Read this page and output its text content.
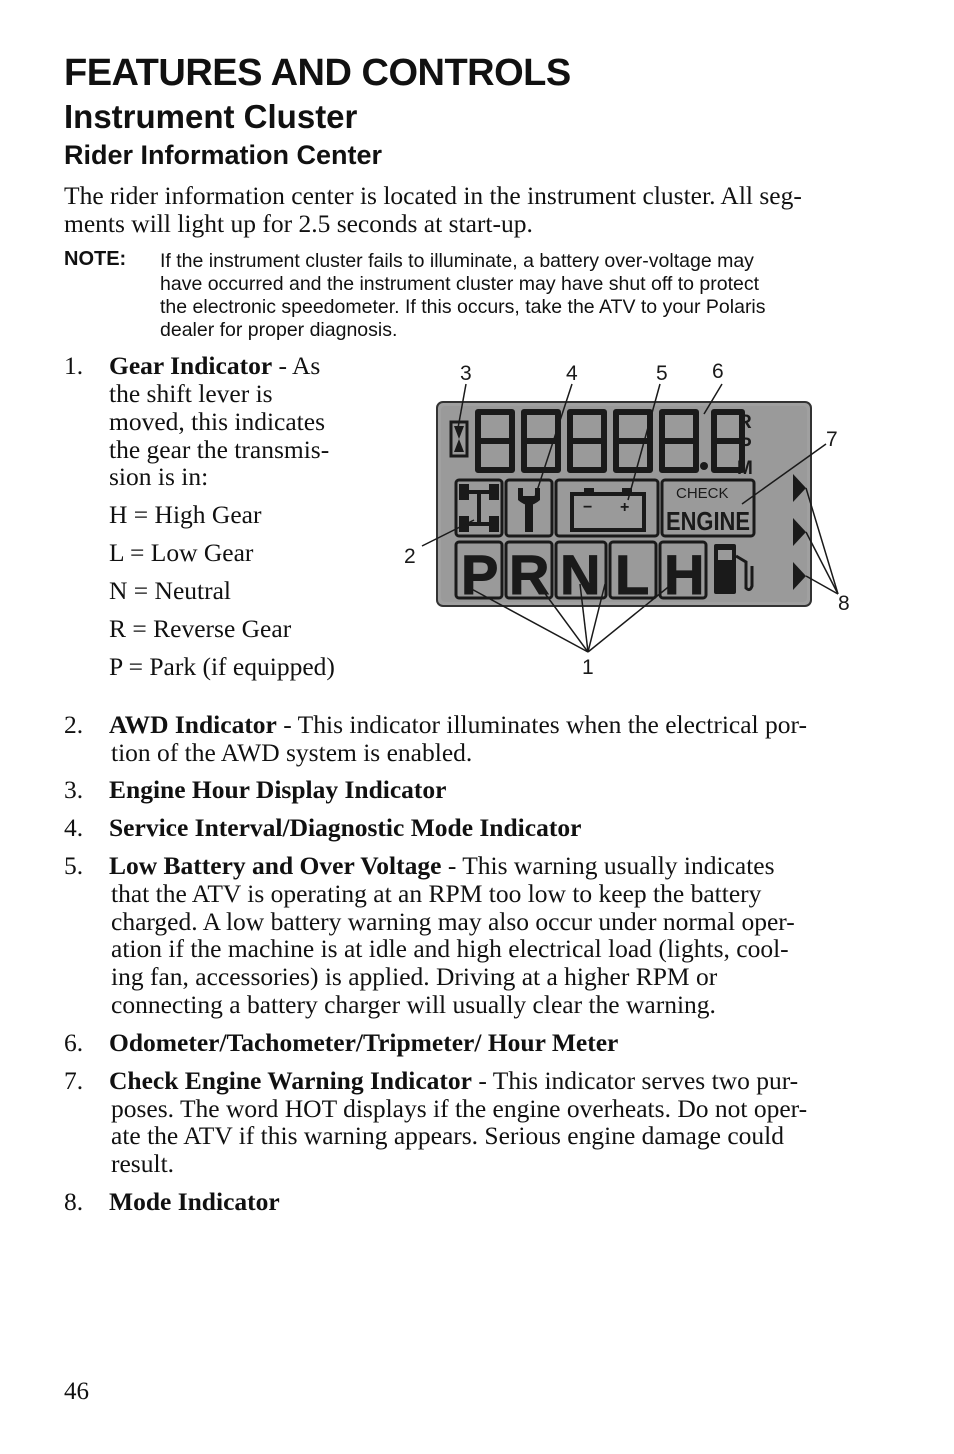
FEATURES AND CONTROLS
Instrument Cluster
Rider Information Center
The rider information center is located in the instrument cluster. All seg-
ments will light up for 2.5 seconds at start-up.
NOTE: If the instrument cluster fails to illuminate, a battery over-voltage may
have occurred and the instrument cluster may have shut off to protect
the electronic speedometer. If this occurs, take the ATV to your Polaris
dealer for proper diagnosis.
1. Gear Indicator - As
the shift lever is
moved, this indicates
the gear the transmis-
sion is in:
H = High Gear
L = Low Gear
N = Neutral
R = Reverse Gear
P = Park (if equipped)
R
P
M
− +
CHECK
ENGINE
P R N L H
1
2
3	4	5 6
7
8
2. AWD Indicator - This indicator illuminates when the electrical por-
tion of the AWD system is enabled.
3. Engine Hour Display Indicator
4. Service Interval/Diagnostic Mode Indicator
5. Low Battery and Over Voltage - This warning usually indicates
that the ATV is operating at an RPM too low to keep the battery
charged. A low battery warning may also occur under normal oper-
ation if the machine is at idle and high electrical load (lights, cool-
ing fan, accessories) is applied. Driving at a higher RPM or
connecting a battery charger will usually clear the warning.
6. Odometer/Tachometer/Tripmeter/ Hour Meter
7. Check Engine Warning Indicator - This indicator serves two pur-
poses. The word HOT displays if the engine overheats. Do not oper-
ate the ATV if this warning appears. Serious engine damage could
result.
8. Mode Indicator
46
